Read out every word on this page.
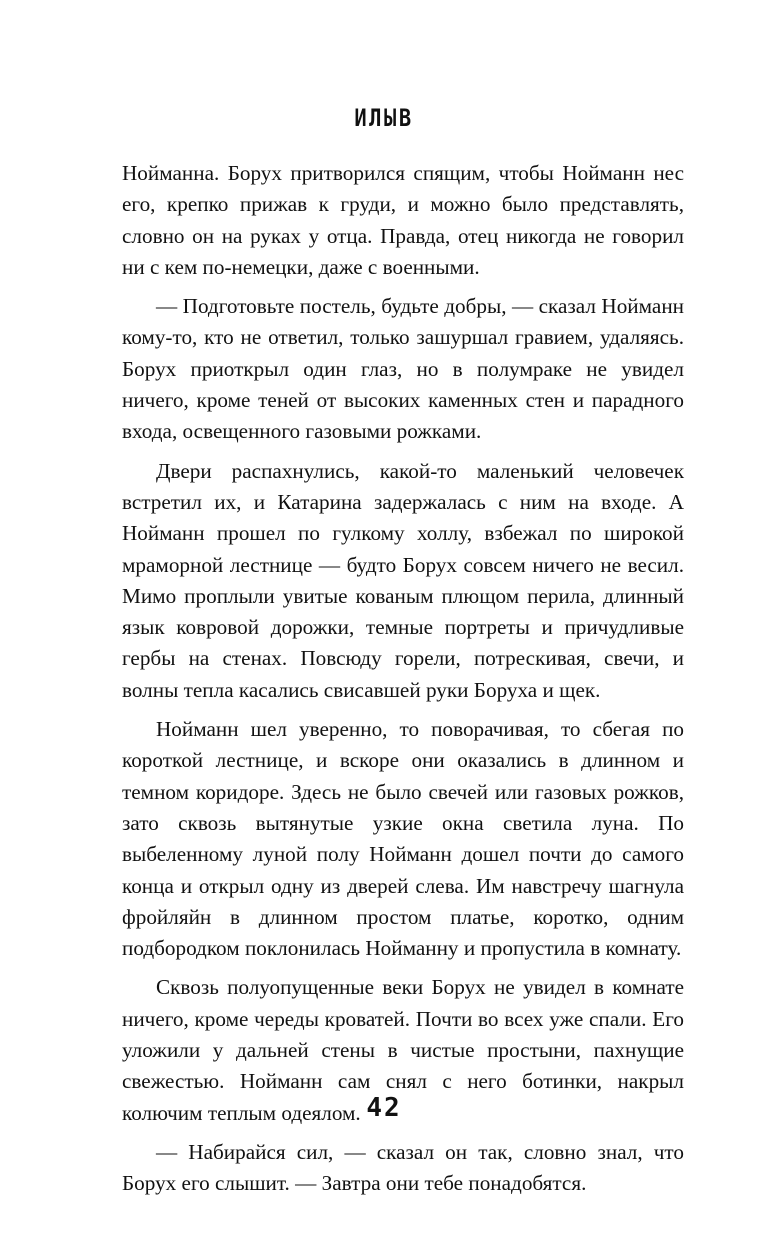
ИЛЫВ

Нойманна. Борух притворился спящим, чтобы Нойманн нес его, крепко прижав к груди, и можно было представлять, словно он на руках у отца. Правда, отец никогда не говорил ни с кем по-немецки, даже с военными.

— Подготовьте постель, будьте добры, — сказал Нойманн кому-то, кто не ответил, только зашуршал гравием, удаляясь. Борух приоткрыл один глаз, но в полумраке не увидел ничего, кроме теней от высоких каменных стен и парадного входа, освещенного газовыми рожками.

Двери распахнулись, какой-то маленький человечек встретил их, и Катарина задержалась с ним на входе. А Нойманн прошел по гулкому холлу, взбежал по широкой мраморной лестнице — будто Борух совсем ничего не весил. Мимо проплыли увитые кованым плющом перила, длинный язык ковровой дорожки, темные портреты и причудливые гербы на стенах. Повсюду горели, потрескивая, свечи, и волны тепла касались свисавшей руки Боруха и щек.

Нойманн шел уверенно, то поворачивая, то сбегая по короткой лестнице, и вскоре они оказались в длинном и темном коридоре. Здесь не было свечей или газовых рожков, зато сквозь вытянутые узкие окна светила луна. По выбеленному луной полу Нойманн дошел почти до самого конца и открыл одну из дверей слева. Им навстречу шагнула фройляйн в длинном простом платье, коротко, одним подбородком поклонилась Нойманну и пропустила в комнату.

Сквозь полуопущенные веки Борух не увидел в комнате ничего, кроме череды кроватей. Почти во всех уже спали. Его уложили у дальней стены в чистые простыни, пахнущие свежестью. Нойманн сам снял с него ботинки, накрыл колючим теплым одеялом.

— Набирайся сил, — сказал он так, словно знал, что Борух его слышит. — Завтра они тебе понадобятся.

42
